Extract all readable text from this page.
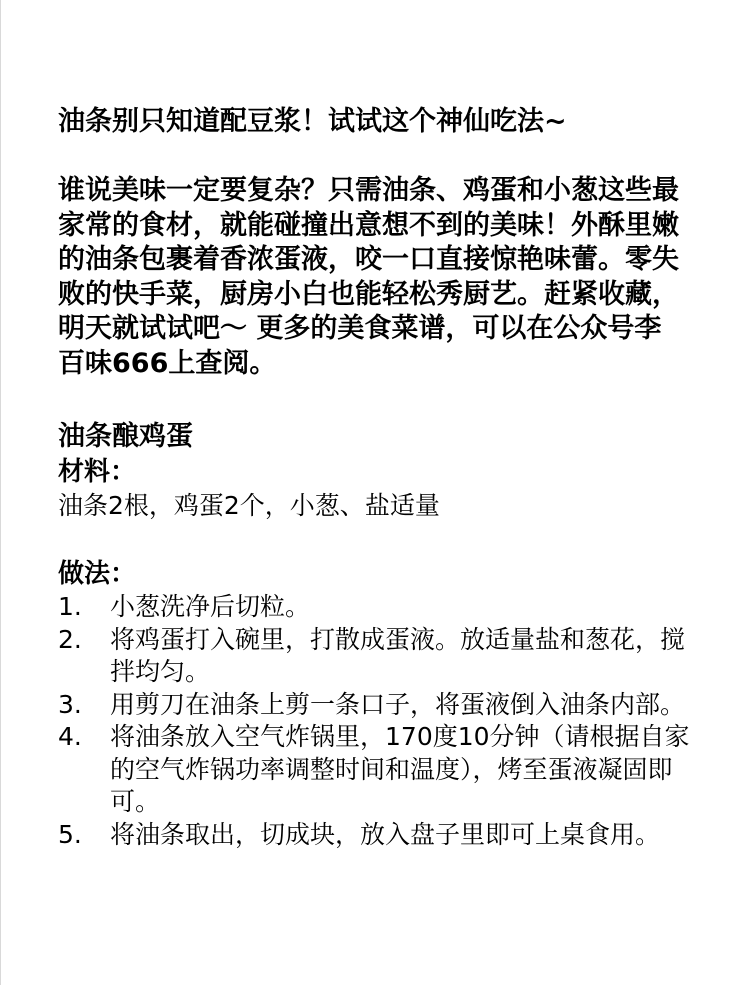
油条别只知道配豆浆！试试这个神仙吃法~
谁说美味一定要复杂？只需油条、鸡蛋和小葱这些最家常的食材，就能碰撞出意想不到的美味！外酥里嫩的油条包裹着香浓蛋液，咬一口直接惊艳味蕾。零失败的快手菜，厨房小白也能轻松秀厨艺。赶紧收藏，明天就试试吧～ 更多的美食菜谱，可以在公众号李百味666上查阅。
油条酿鸡蛋
材料：
油条2根，鸡蛋2个，小葱、盐适量
做法：
1.	小葱洗净后切粒。
2.	将鸡蛋打入碗里，打散成蛋液。放适量盐和葱花，搅拌均匀。
3.	用剪刀在油条上剪一条口子，将蛋液倒入油条内部。
4.	将油条放入空气炸锅里，170度10分钟（请根据自家的空气炸锅功率调整时间和温度），烤至蛋液凝固即可。
5.	将油条取出，切成块，放入盘子里即可上桌食用。
